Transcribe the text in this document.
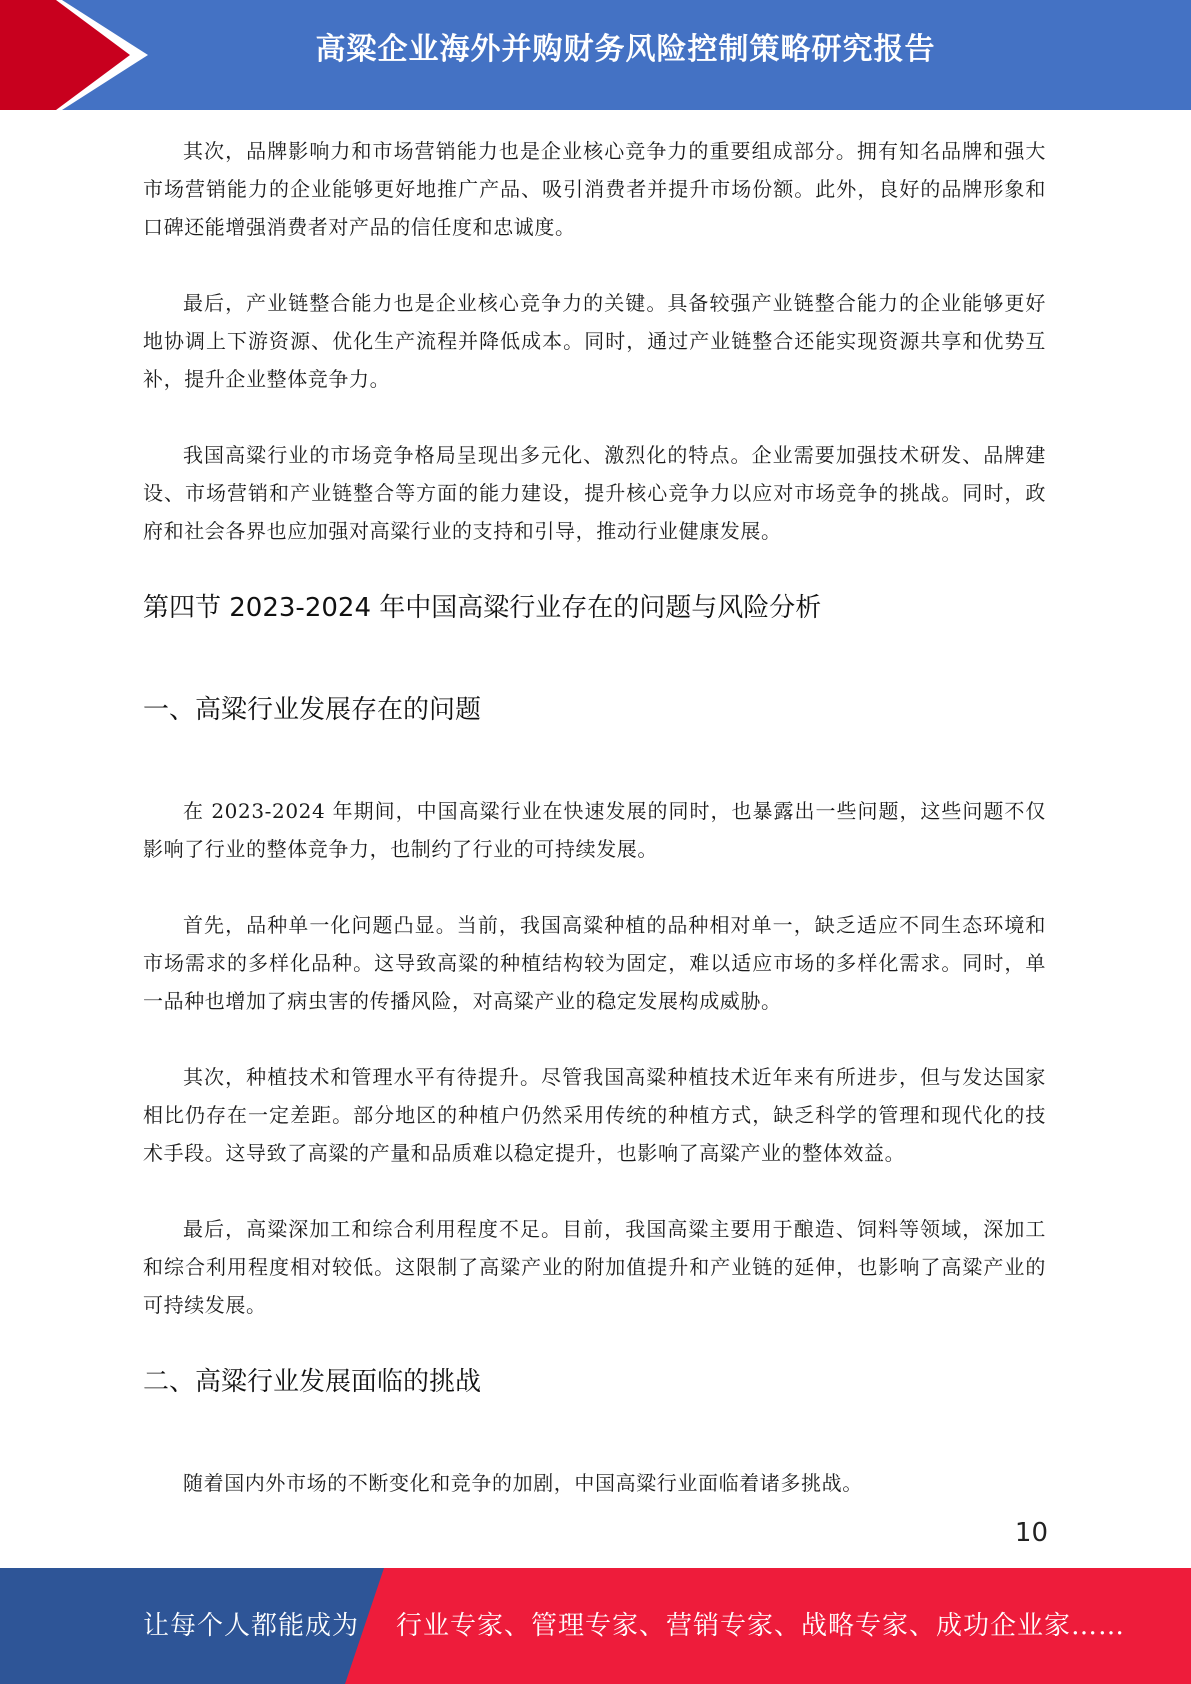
高粱企业海外并购财务风险控制策略研究报告

其次，品牌影响力和市场营销能力也是企业核心竞争力的重要组成部分。拥有知名品牌和强大市场营销能力的企业能够更好地推广产品、吸引消费者并提升市场份额。此外，良好的品牌形象和口碑还能增强消费者对产品的信任度和忠诚度。

最后，产业链整合能力也是企业核心竞争力的关键。具备较强产业链整合能力的企业能够更好地协调上下游资源、优化生产流程并降低成本。同时，通过产业链整合还能实现资源共享和优势互补，提升企业整体竞争力。

我国高粱行业的市场竞争格局呈现出多元化、激烈化的特点。企业需要加强技术研发、品牌建设、市场营销和产业链整合等方面的能力建设，提升核心竞争力以应对市场竞争的挑战。同时，政府和社会各界也应加强对高粱行业的支持和引导，推动行业健康发展。

第四节 2023-2024 年中国高粱行业存在的问题与风险分析
一、高粱行业发展存在的问题

在 2023-2024 年期间，中国高粱行业在快速发展的同时，也暴露出一些问题，这些问题不仅影响了行业的整体竞争力，也制约了行业的可持续发展。

首先，品种单一化问题凸显。当前，我国高粱种植的品种相对单一，缺乏适应不同生态环境和市场需求的多样化品种。这导致高粱的种植结构较为固定，难以适应市场的多样化需求。同时，单一品种也增加了病虫害的传播风险，对高粱产业的稳定发展构成威胁。

其次，种植技术和管理水平有待提升。尽管我国高粱种植技术近年来有所进步，但与发达国家相比仍存在一定差距。部分地区的种植户仍然采用传统的种植方式，缺乏科学的管理和现代化的技术手段。这导致了高粱的产量和品质难以稳定提升，也影响了高粱产业的整体效益。

最后，高粱深加工和综合利用程度不足。目前，我国高粱主要用于酿造、饲料等领域，深加工和综合利用程度相对较低。这限制了高粱产业的附加值提升和产业链的延伸，也影响了高粱产业的可持续发展。

二、高粱行业发展面临的挑战

随着国内外市场的不断变化和竞争的加剧，中国高粱行业面临着诸多挑战。

10
让每个人都能成为 行业专家、管理专家、营销专家、战略专家、成功企业家……
